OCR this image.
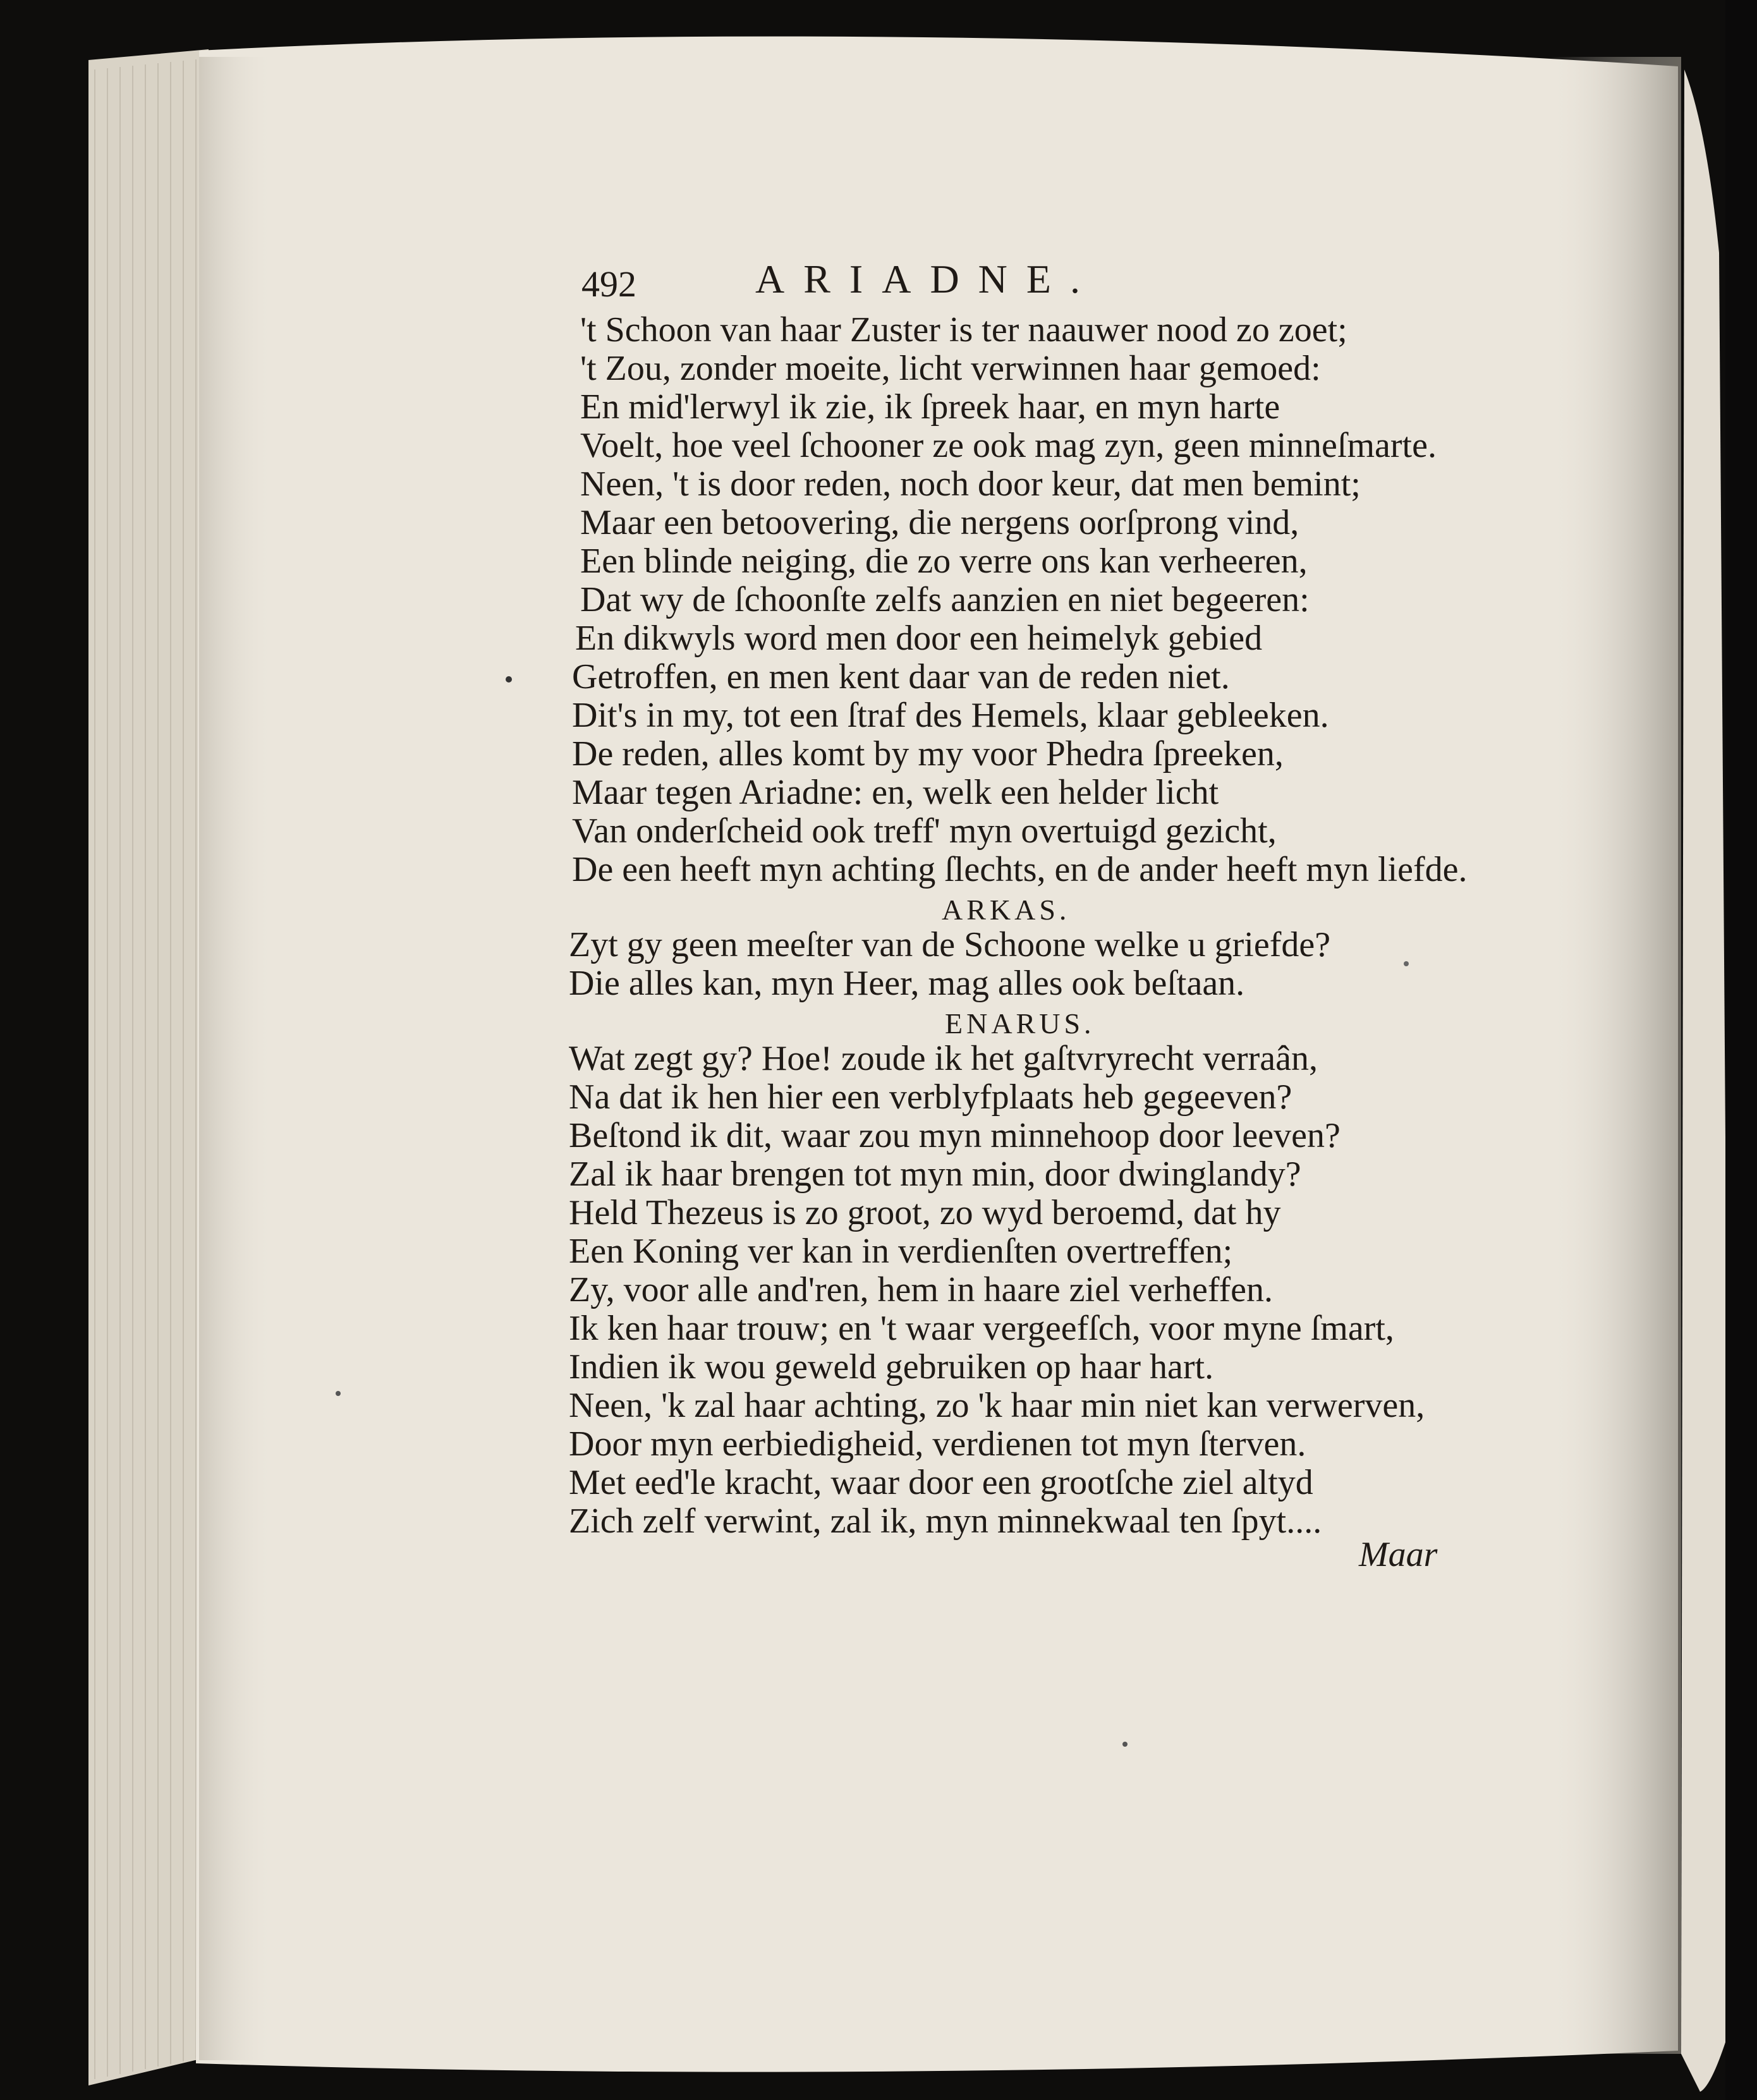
492	ARIADNE.
't Schoon van haar Zuster is ter naauwer nood zo zoet;
't Zou, zonder moeite, licht verwinnen haar gemoed:
En mid'lerwyl ik zie, ik ſpreek haar, en myn harte
Voelt, hoe veel ſchooner ze ook mag zyn, geen minneſmarte.
Neen, 't is door reden, noch door keur, dat men bemint;
Maar een betoovering, die nergens oorſprong vind,
Een blinde neiging, die zo verre ons kan verheeren,
Dat wy de ſchoonſte zelfs aanzien en niet begeeren:
En dikwyls word men door een heimelyk gebied
Getroffen, en men kent daar van de reden niet.
Dit's in my, tot een ſtraf des Hemels, klaar gebleeken.
De reden, alles komt by my voor Phedra ſpreeken,
Maar tegen Ariadne: en, welk een helder licht
Van onderſcheid ook treff' myn overtuigd gezicht,
De een heeft myn achting ſlechts, en de ander heeft myn liefde.
ARKAS.
Zyt gy geen meeſter van de Schoone welke u griefde?
Die alles kan, myn Heer, mag alles ook beſtaan.
ENARUS.
Wat zegt gy? Hoe! zoude ik het gaſtvryrecht verraân,
Na dat ik hen hier een verblyfplaats heb gegeeven?
Beſtond ik dit, waar zou myn minnehoop door leeven?
Zal ik haar brengen tot myn min, door dwinglandy?
Held Thezeus is zo groot, zo wyd beroemd, dat hy
Een Koning ver kan in verdienſten overtreffen;
Zy, voor alle and'ren, hem in haare ziel verheffen.
Ik ken haar trouw; en 't waar vergeefſch, voor myne ſmart,
Indien ik wou geweld gebruiken op haar hart.
Neen, 'k zal haar achting, zo 'k haar min niet kan verwerven,
Door myn eerbiedigheid, verdienen tot myn ſterven.
Met eed'le kracht, waar door een grootſche ziel altyd
Zich zelf verwint, zal ik, myn minnekwaal ten ſpyt....
Maar
